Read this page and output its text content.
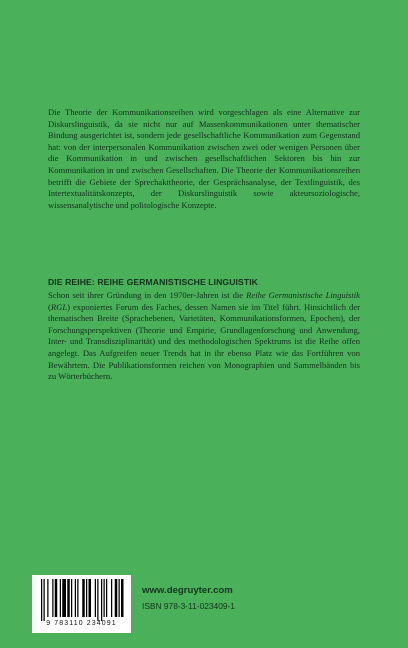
Die Theorie der Kommunikationsreihen wird vorgeschlagen als eine Alternative zur Diskurslinguistik, da sie nicht nur auf Massenkommunikationen unter thematischer Bindung ausgerichtet ist, sondern jede gesellschaftliche Kommunikation zum Gegenstand hat: von der interpersonalen Kommunikation zwischen zwei oder wenigen Personen über die Kommunikation in und zwischen gesellschaftlichen Sektoren bis hin zur Kommunikation in und zwischen Gesellschaften. Die Theorie der Kommunikationsreihen betrifft die Gebiete der Sprechakttheorie, der Gesprächsanalyse, der Textlinguistik, des Intertextualitätskonzepts, der Diskurslinguistik sowie akteursoziologische, wissensanalytische und politologische Konzepte.

DIE REIHE: REIHE GERMANISTISCHE LINGUISTIK

Schon seit ihrer Gründung in den 1970er-Jahren ist die Reihe Germanistische Linguistik (RGL) exponiertes Forum des Faches, dessen Namen sie im Titel führt. Hinsichtlich der thematischen Breite (Sprachebenen, Varietäten, Kommunikationsformen, Epochen), der Forschungsperspektiven (Theorie und Empirie, Grundlagenforschung und Anwendung, Inter- und Transdisziplinarität) und des methodologischen Spektrums ist die Reihe offen angelegt. Das Aufgreifen neuer Trends hat in ihr ebenso Platz wie das Fortführen von Bewährtem. Die Publikationsformen reichen von Monographien und Sammelbänden bis zu Wörterbüchern.

9 783110 234091
www.degruyter.com
ISBN 978-3-11-023409-1
